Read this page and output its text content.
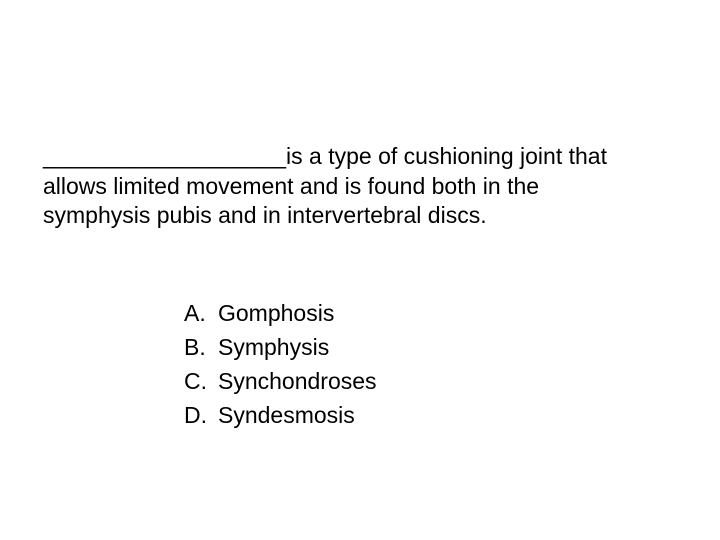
___________________is a type of cushioning joint that allows limited movement and is found both in the symphysis pubis and in intervertebral discs.

A. Gomphosis
B. Symphysis
C. Synchondroses
D. Syndesmosis
